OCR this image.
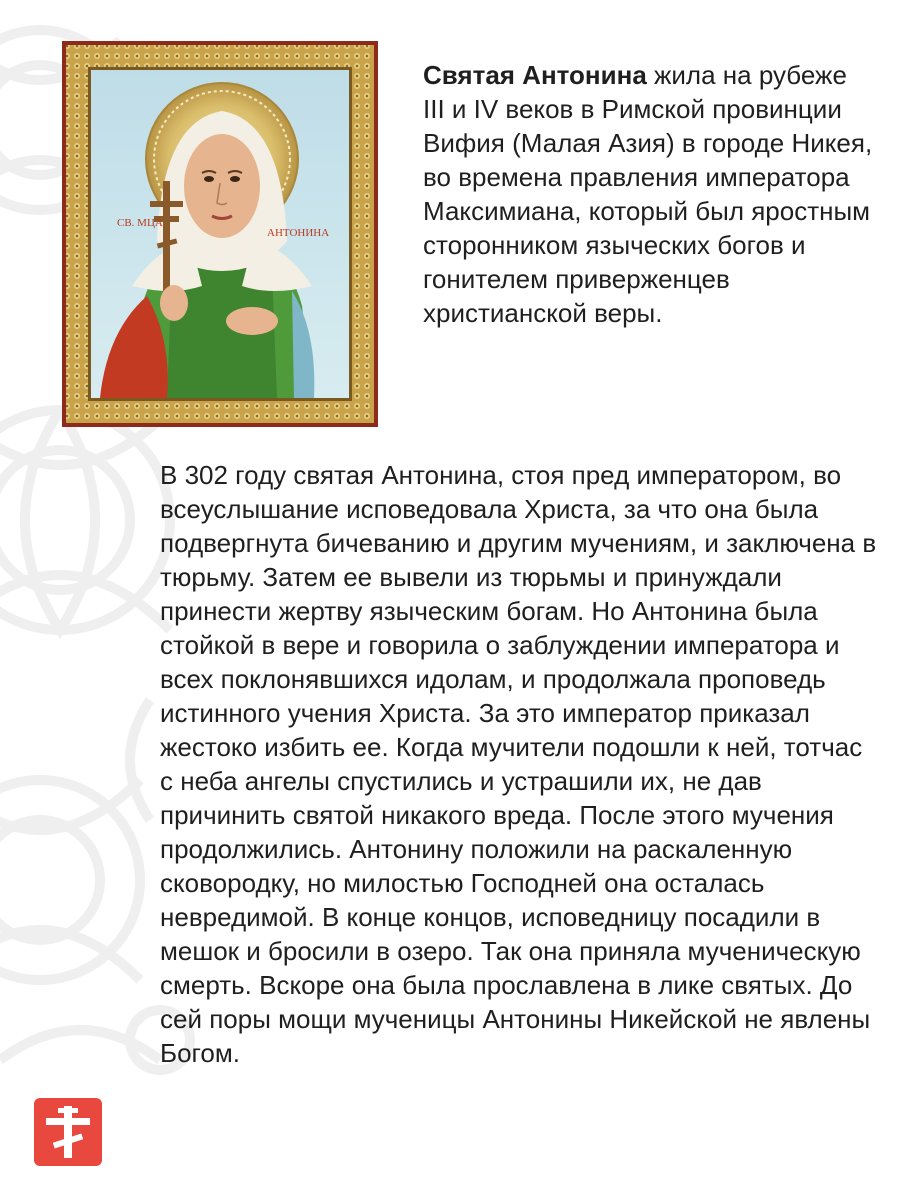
СВ. МЦА
АНТОНИНА

Святая Антонина жила на рубеже III и IV веков в Римской провинции Вифия (Малая Азия) в городе Никея, во времена правления императора Максимиана, который был яростным сторонником языческих богов и гонителем приверженцев христианской веры.

В 302 году святая Антонина, стоя пред императором, во всеуслышание исповедовала Христа, за что она была подвергнута бичеванию и другим мучениям, и заключена в тюрьму. Затем ее вывели из тюрьмы и принуждали принести жертву языческим богам. Но Антонина была стойкой в вере и говорила о заблуждении императора и всех поклонявшихся идолам, и продолжала проповедь истинного учения Христа. За это император приказал жестоко избить ее. Когда мучители подошли к ней, тотчас с неба ангелы спустились и устрашили их, не дав причинить святой никакого вреда. После этого мучения продолжились. Антонину положили на раскаленную сковородку, но милостью Господней она осталась невредимой. В конце концов, исповедницу посадили в мешок и бросили в озеро. Так она приняла мученическую смерть. Вскоре она была прославлена в лике святых. До сей поры мощи мученицы Антонины Никейской не явлены Богом.
